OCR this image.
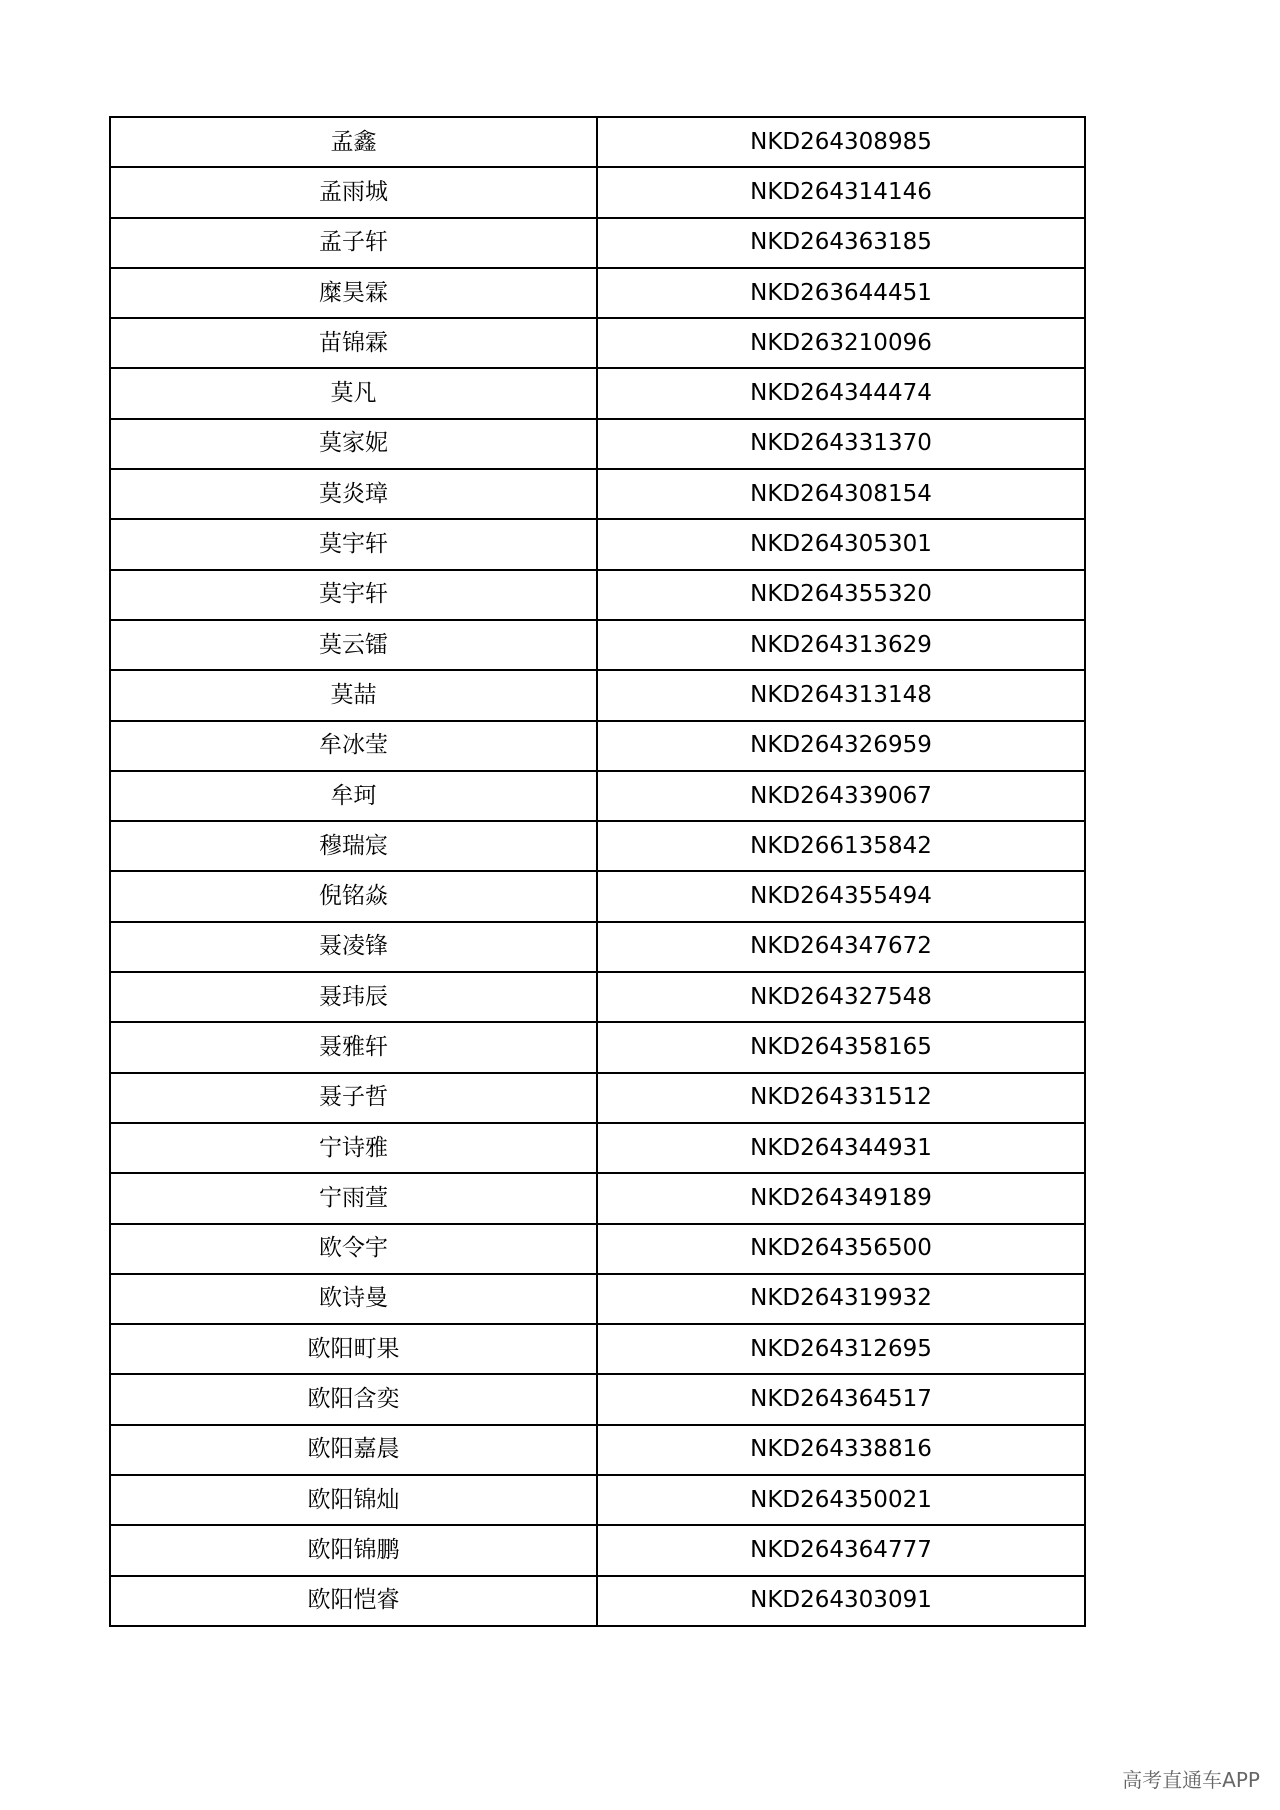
孟鑫	NKD264308985
孟雨城	NKD264314146
孟子轩	NKD264363185
糜昊霖	NKD263644451
苗锦霖	NKD263210096
莫凡	NKD264344474
莫家妮	NKD264331370
莫炎璋	NKD264308154
莫宇轩	NKD264305301
莫宇轩	NKD264355320
莫云镭	NKD264313629
莫喆	NKD264313148
牟冰莹	NKD264326959
牟珂	NKD264339067
穆瑞宸	NKD266135842
倪铭焱	NKD264355494
聂凌锋	NKD264347672
聂玮辰	NKD264327548
聂雅轩	NKD264358165
聂子哲	NKD264331512
宁诗雅	NKD264344931
宁雨萱	NKD264349189
欧令宇	NKD264356500
欧诗曼	NKD264319932
欧阳町果	NKD264312695
欧阳含奕	NKD264364517
欧阳嘉晨	NKD264338816
欧阳锦灿	NKD264350021
欧阳锦鹏	NKD264364777
欧阳恺睿	NKD264303091
高考直通车APP
